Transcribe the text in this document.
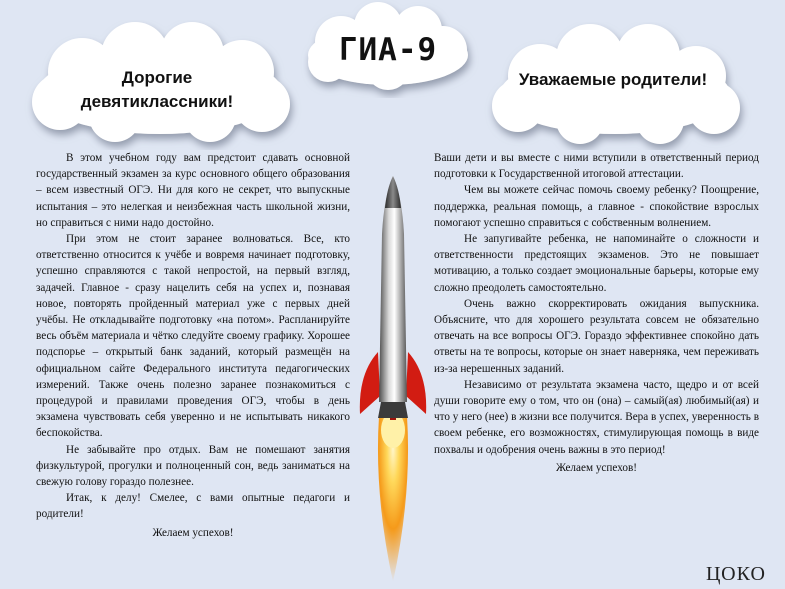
ГИА-9
Дорогие девятиклассники!
Уважаемые родители!

В этом учебном году вам предстоит сдавать основной государственный экзамен за курс основного общего образования – всем известный ОГЭ. Ни для кого не секрет, что выпускные испытания – это нелегкая и неизбежная часть школьной жизни, но справиться с ними надо достойно.

При этом не стоит заранее волноваться. Все, кто ответственно относится к учёбе и вовремя начинает подготовку, успешно справляются с такой непростой, на первый взгляд, задачей. Главное - сразу нацелить себя на успех и, познавая новое, повторять пройденный материал уже с первых дней учёбы. Не откладывайте подготовку «на потом». Распланируйте весь объём материала и чётко следуйте своему графику. Хорошее подспорье – открытый банк заданий, который размещён на официальном сайте Федерального института педагогических измерений. Также очень полезно заранее познакомиться с процедурой и правилами проведения ОГЭ, чтобы в день экзамена чувствовать себя уверенно и не испытывать никакого беспокойства.

Не забывайте про отдых. Вам не помешают занятия физкультурой, прогулки и полноценный сон, ведь заниматься на свежую голову гораздо полезнее.

Итак, к делу! Смелее, с вами опытные педагоги и родители!

Желаем успехов!

Ваши дети и вы вместе с ними вступили в ответственный период подготовки к Государственной итоговой аттестации.

Чем вы можете сейчас помочь своему ребенку? Поощрение, поддержка, реальная помощь, а главное - спокойствие взрослых помогают успешно справиться с собственным волнением.

Не запугивайте ребенка, не напоминайте о сложности и ответственности предстоящих экзаменов. Это не повышает мотивацию, а только создает эмоциональные барьеры, которые ему сложно преодолеть самостоятельно.

Очень важно скорректировать ожидания выпускника. Объясните, что для хорошего результата совсем не обязательно отвечать на все вопросы ОГЭ. Гораздо эффективнее спокойно дать ответы на те вопросы, которые он знает наверняка, чем переживать из-за нерешенных заданий.

Независимо от результата экзамена часто, щедро и от всей души говорите ему о том, что он (она) – самый(ая) любимый(ая) и что у него (нее) в жизни все получится. Вера в успех, уверенность в своем ребенке, его возможностях, стимулирующая помощь в виде похвалы и одобрения очень важны в это период!

Желаем успехов!

ЦОКО
